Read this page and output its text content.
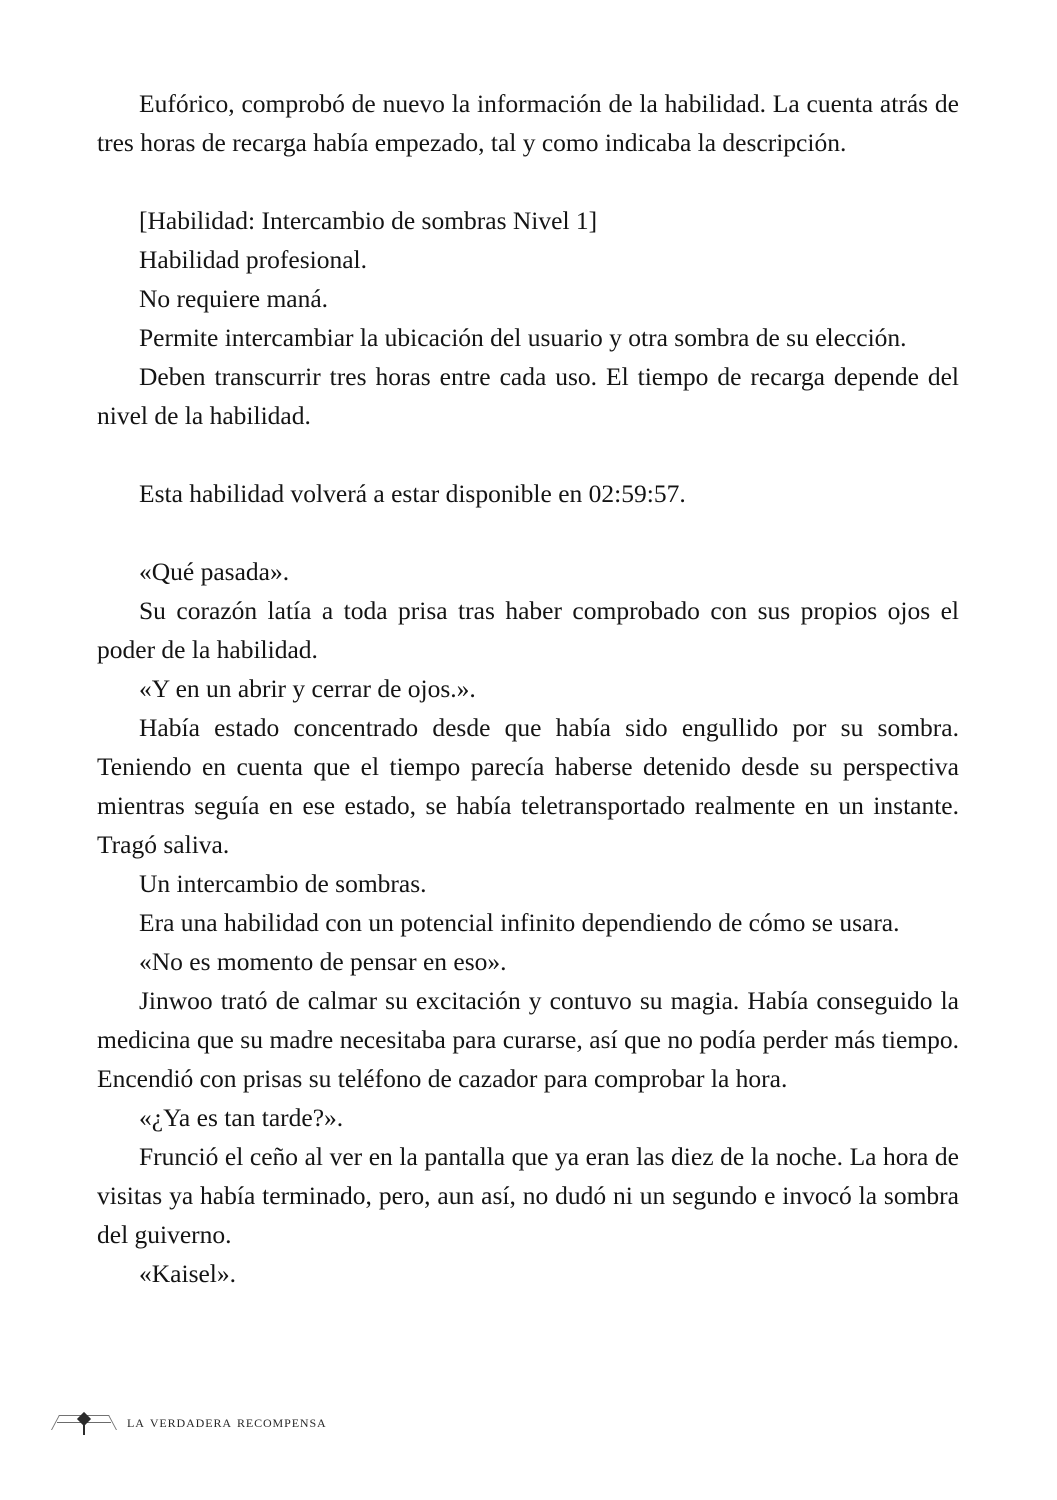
Eufórico, comprobó de nuevo la información de la habilidad. La cuenta atrás de tres horas de recarga había empezado, tal y como indicaba la descripción.

[Habilidad: Intercambio de sombras Nivel 1]

Habilidad profesional.

No requiere maná.

Permite intercambiar la ubicación del usuario y otra sombra de su elección.

Deben transcurrir tres horas entre cada uso. El tiempo de recarga depende del nivel de la habilidad.

Esta habilidad volverá a estar disponible en 02:59:57.

«Qué pasada».

Su corazón latía a toda prisa tras haber comprobado con sus propios ojos el poder de la habilidad.

«Y en un abrir y cerrar de ojos.».

Había estado concentrado desde que había sido engullido por su sombra. Teniendo en cuenta que el tiempo parecía haberse detenido desde su perspectiva mientras seguía en ese estado, se había teletransportado realmente en un instante. Tragó saliva.

Un intercambio de sombras.

Era una habilidad con un potencial infinito dependiendo de cómo se usara.

«No es momento de pensar en eso».

Jinwoo trató de calmar su excitación y contuvo su magia. Había conseguido la medicina que su madre necesitaba para curarse, así que no podía perder más tiempo. Encendió con prisas su teléfono de cazador para comprobar la hora.

«¿Ya es tan tarde?».

Frunció el ceño al ver en la pantalla que ya eran las diez de la noche. La hora de visitas ya había terminado, pero, aun así, no dudó ni un segundo e invocó la sombra del guiverno.

«Kaisel».

la verdadera recompensa
